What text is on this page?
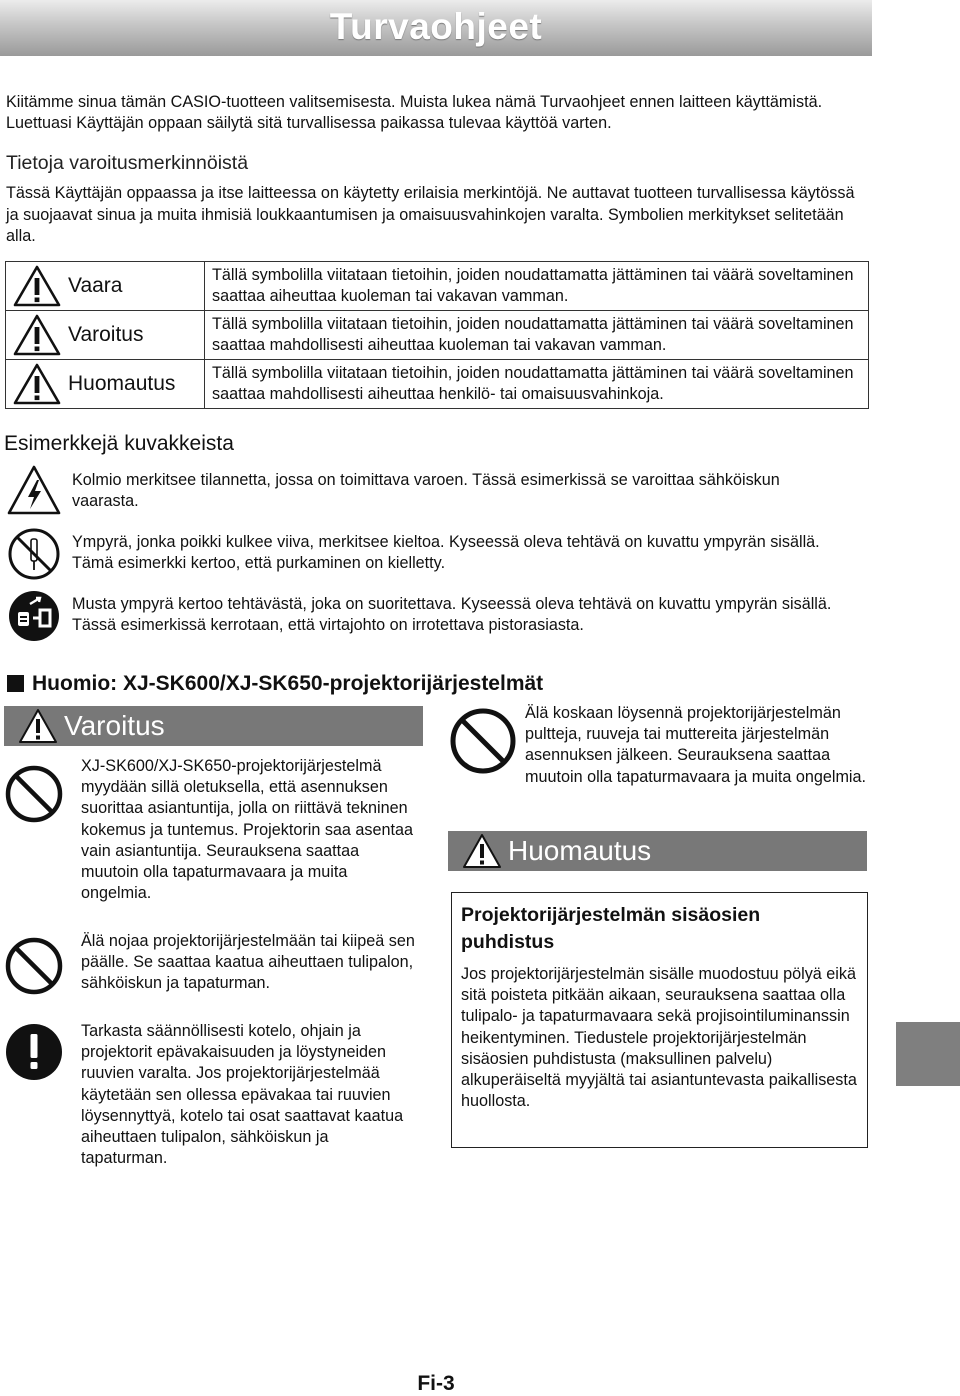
Turvaohjeet
Kiitämme sinua tämän CASIO-tuotteen valitsemisesta. Muista lukea nämä Turvaohjeet ennen laitteen käyttämistä. Luettuasi Käyttäjän oppaan säilytä sitä turvallisessa paikassa tulevaa käyttöä varten.
Tietoja varoitusmerkinnöistä
Tässä Käyttäjän oppaassa ja itse laitteessa on käytetty erilaisia merkintöjä. Ne auttavat tuotteen turvallisessa käytössä ja suojaavat sinua ja muita ihmisiä loukkaantumisen ja omaisuusvahinkojen varalta. Symbolien merkitykset selitetään alla.
Vaara	Tällä symbolilla viitataan tietoihin, joiden noudattamatta jättäminen tai väärä soveltaminen saattaa aiheuttaa kuoleman tai vakavan vamman.

Varoitus	Tällä symbolilla viitataan tietoihin, joiden noudattamatta jättäminen tai väärä soveltaminen saattaa mahdollisesti aiheuttaa kuoleman tai vakavan vamman.

Huomautus	Tällä symbolilla viitataan tietoihin, joiden noudattamatta jättäminen tai väärä soveltaminen saattaa mahdollisesti aiheuttaa henkilö- tai omaisuusvahinkoja.
Esimerkkejä kuvakkeista
Kolmio merkitsee tilannetta, jossa on toimittava varoen. Tässä esimerkissä se varoittaa sähköiskun vaarasta.
Ympyrä, jonka poikki kulkee viiva, merkitsee kieltoa. Kyseessä oleva tehtävä on kuvattu ympyrän sisällä. Tämä esimerkki kertoo, että purkaminen on kielletty.
Musta ympyrä kertoo tehtävästä, joka on suoritettava. Kyseessä oleva tehtävä on kuvattu ympyrän sisällä. Tässä esimerkissä kerrotaan, että virtajohto on irrotettava pistorasiasta.
Huomio: XJ-SK600/XJ-SK650-projektorijärjestelmät
Varoitus
XJ-SK600/XJ-SK650-projektorijärjestelmä myydään sillä oletuksella, että asennuksen suorittaa asiantuntija, jolla on riittävä tekninen kokemus ja tuntemus. Projektorin saa asentaa vain asiantuntija. Seurauksena saattaa muutoin olla tapaturmavaara ja muita ongelmia.
Älä nojaa projektorijärjestelmään tai kiipeä sen päälle. Se saattaa kaatua aiheuttaen tulipalon, sähköiskun ja tapaturman.
Tarkasta säännöllisesti kotelo, ohjain ja projektorit epävakaisuuden ja löystyneiden ruuvien varalta. Jos projektorijärjestelmää käytetään sen ollessa epävakaa tai ruuvien löysennyttyä, kotelo tai osat saattavat kaatua aiheuttaen tulipalon, sähköiskun ja tapaturman.
Älä koskaan löysennä projektorijärjestelmän pultteja, ruuveja tai muttereita järjestelmän asennuksen jälkeen. Seurauksena saattaa muutoin olla tapaturmavaara ja muita ongelmia.
Huomautus
Projektorijärjestelmän sisäosien puhdistus
Jos projektorijärjestelmän sisälle muodostuu pölyä eikä sitä poisteta pitkään aikaan, seurauksena saattaa olla tulipalo- ja tapaturmavaara sekä projisointiluminanssin heikentyminen. Tiedustele projektorijärjestelmän sisäosien puhdistusta (maksullinen palvelu) alkuperäiseltä myyjältä tai asiantuntevasta paikallisesta huollosta.
Fi-3
